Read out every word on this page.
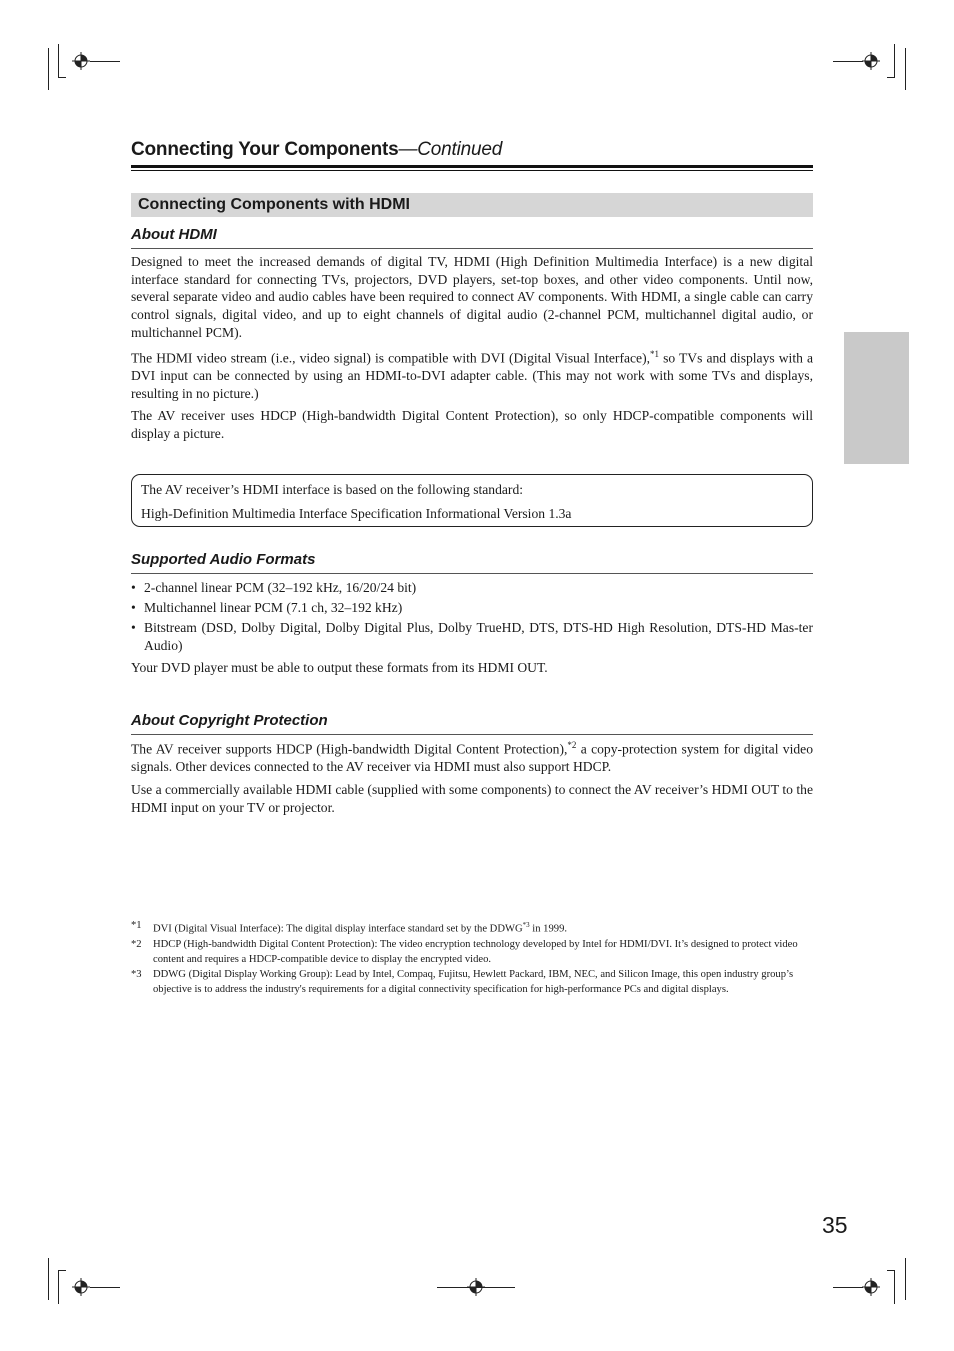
Connecting Your Components—Continued
Connecting Components with HDMI
About HDMI
Designed to meet the increased demands of digital TV, HDMI (High Definition Multimedia Interface) is a new digital interface standard for connecting TVs, projectors, DVD players, set-top boxes, and other video components. Until now, several separate video and audio cables have been required to connect AV components. With HDMI, a single cable can carry control signals, digital video, and up to eight channels of digital audio (2-channel PCM, multichannel digital audio, or multichannel PCM).
The HDMI video stream (i.e., video signal) is compatible with DVI (Digital Visual Interface),$^{*1}$ so TVs and displays with a DVI input can be connected by using an HDMI-to-DVI adapter cable. (This may not work with some TVs and displays, resulting in no picture.)
The AV receiver uses HDCP (High-bandwidth Digital Content Protection), so only HDCP-compatible components will display a picture.
The AV receiver’s HDMI interface is based on the following standard:
High-Definition Multimedia Interface Specification Informational Version 1.3a
Supported Audio Formats
• 2-channel linear PCM (32–192 kHz, 16/20/24 bit)
• Multichannel linear PCM (7.1 ch, 32–192 kHz)
• Bitstream (DSD, Dolby Digital, Dolby Digital Plus, Dolby TrueHD, DTS, DTS-HD High Resolution, DTS-HD Mas-ter Audio)
Your DVD player must be able to output these formats from its HDMI OUT.
About Copyright Protection
The AV receiver supports HDCP (High-bandwidth Digital Content Protection),$^{*2}$ a copy-protection system for digital video signals. Other devices connected to the AV receiver via HDMI must also support HDCP.
Use a commercially available HDMI cable (supplied with some components) to connect the AV receiver’s HDMI OUT to the HDMI input on your TV or projector.
*1 DVI (Digital Visual Interface): The digital display interface standard set by the DDWG$^{*3}$ in 1999.
*2 HDCP (High-bandwidth Digital Content Protection): The video encryption technology developed by Intel for HDMI/DVI. It’s designed to protect video content and requires a HDCP-compatible device to display the encrypted video.
*3 DDWG (Digital Display Working Group): Lead by Intel, Compaq, Fujitsu, Hewlett Packard, IBM, NEC, and Silicon Image, this open industry group’s objective is to address the industry's requirements for a digital connectivity specification for high-performance PCs and digital displays.
35
